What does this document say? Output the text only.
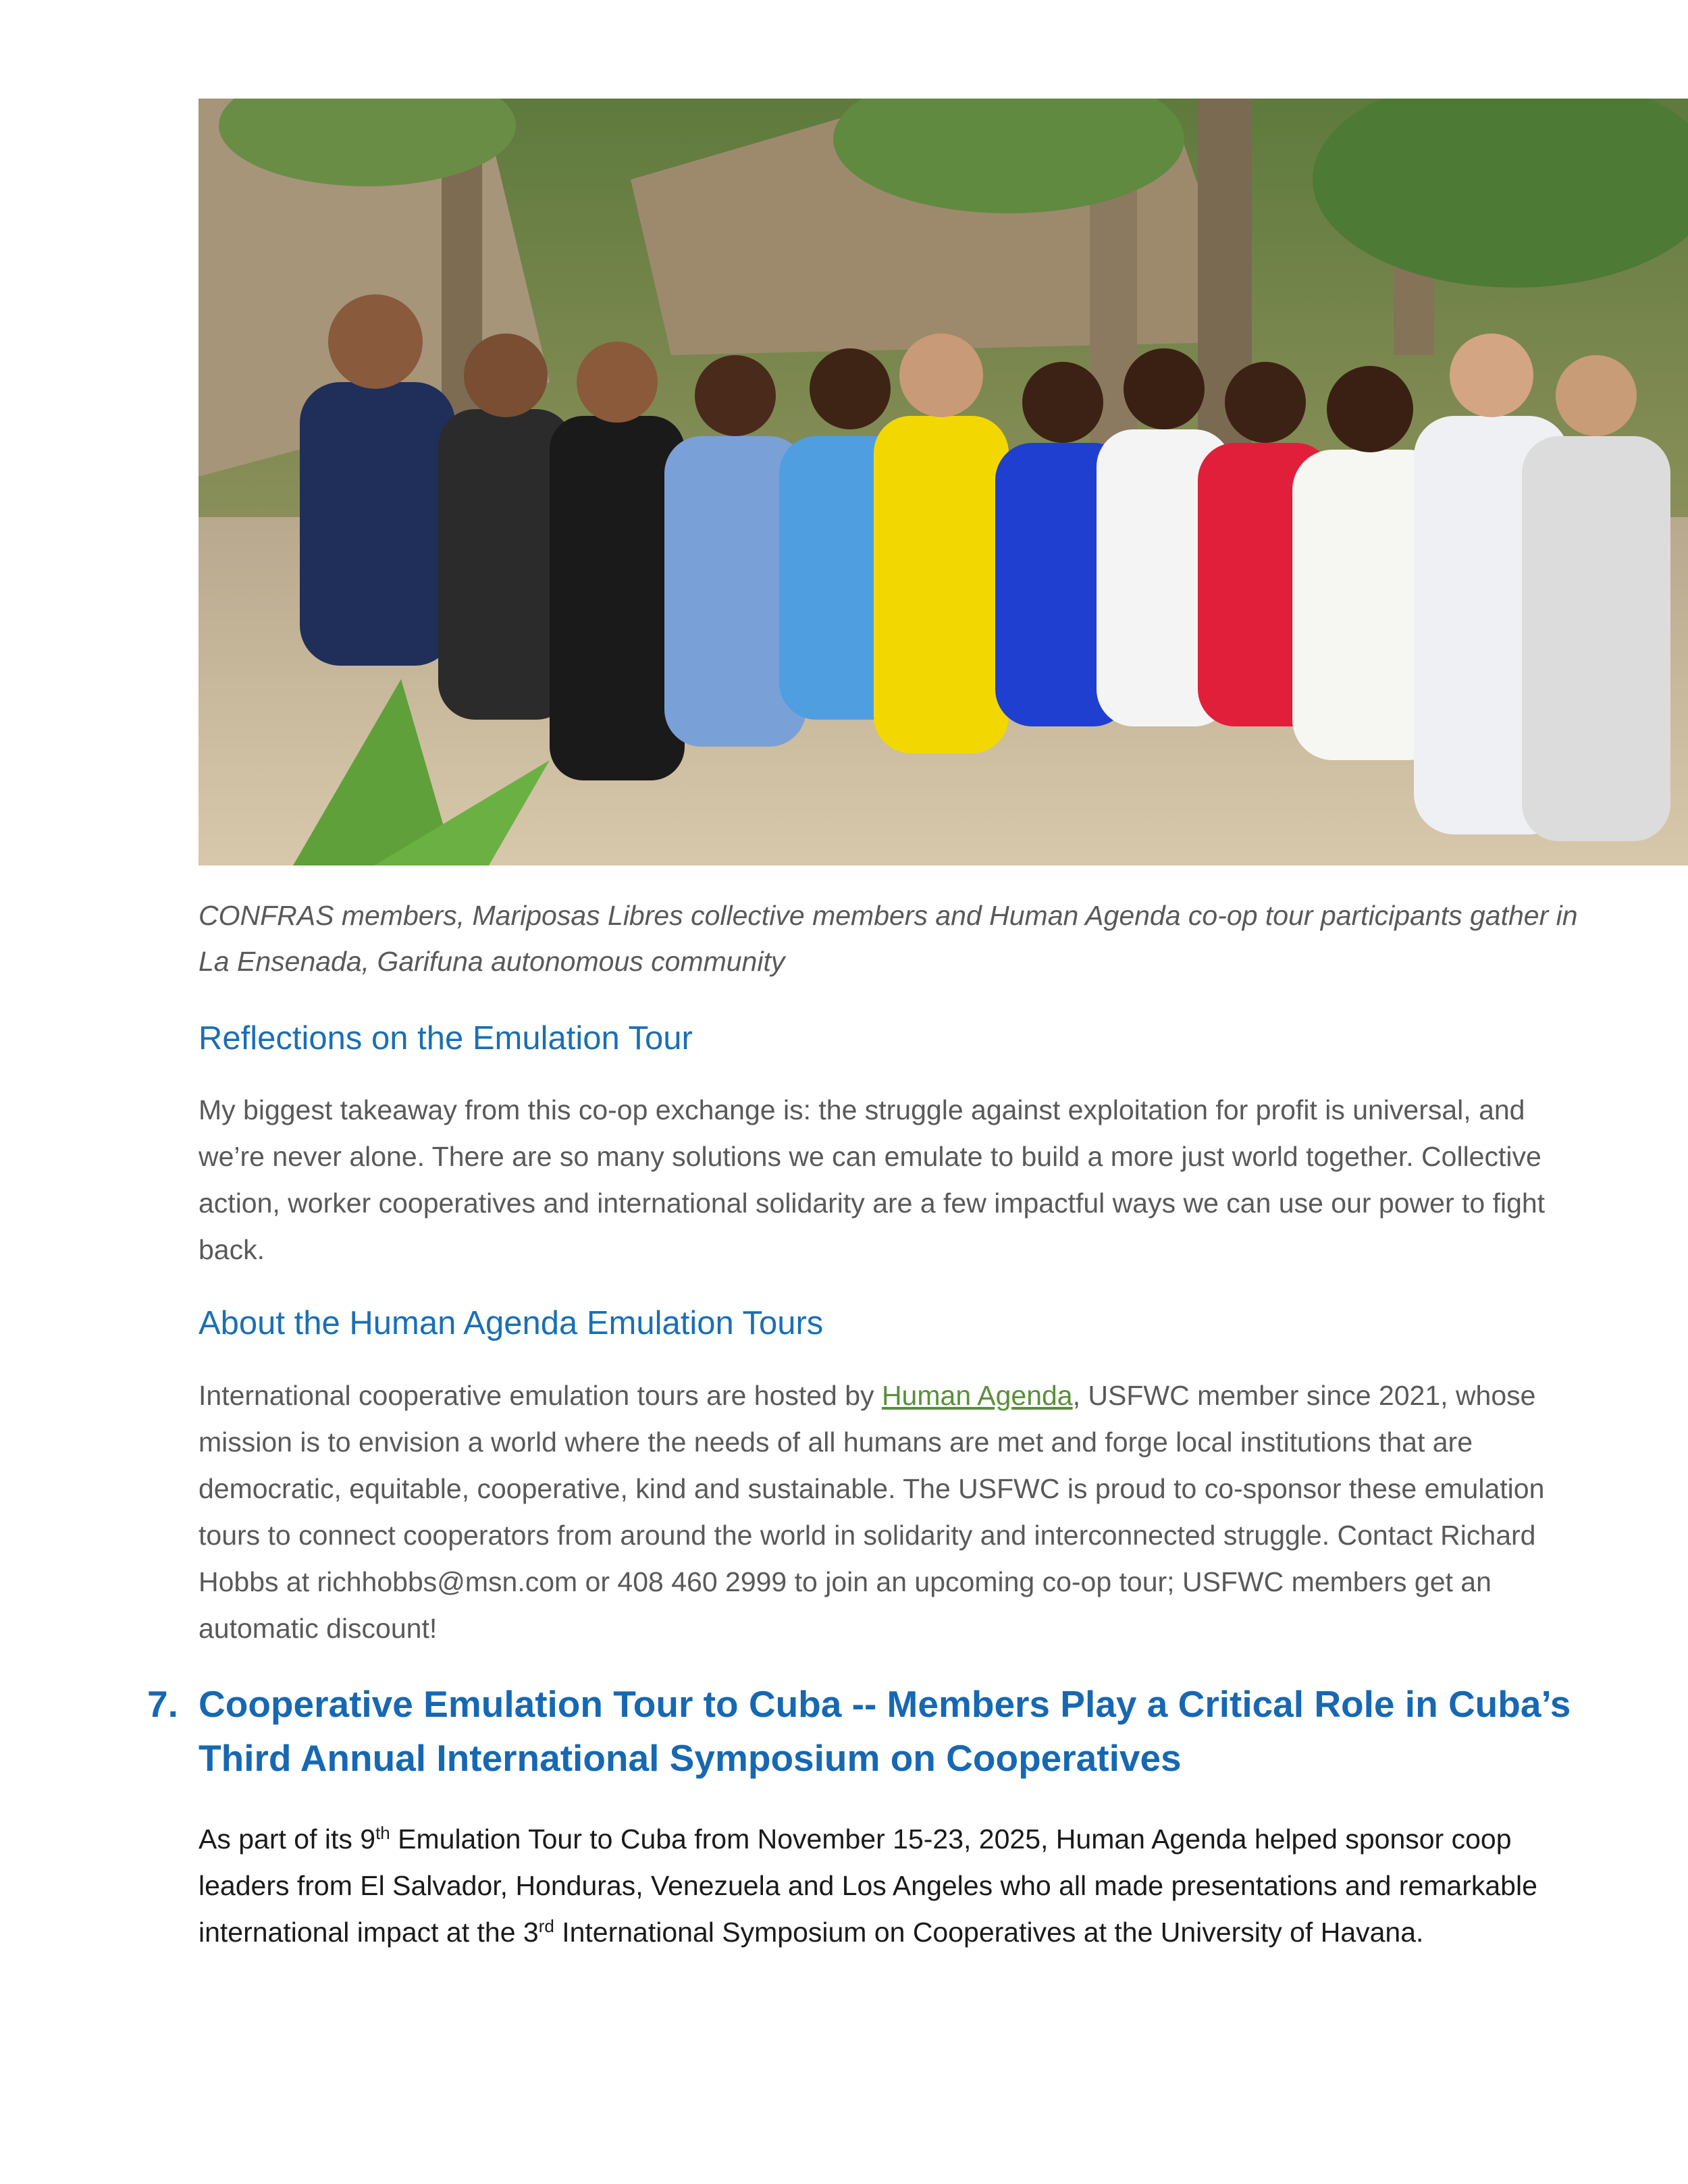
CONFRAS members, Mariposas Libres collective members and Human Agenda co-op tour participants gather in La Ensenada, Garifuna autonomous community

Reflections on the Emulation Tour

My biggest takeaway from this co-op exchange is: the struggle against exploitation for profit is universal, and we’re never alone. There are so many solutions we can emulate to build a more just world together. Collective action, worker cooperatives and international solidarity are a few impactful ways we can use our power to fight back.

About the Human Agenda Emulation Tours

International cooperative emulation tours are hosted by Human Agenda, USFWC member since 2021, whose mission is to envision a world where the needs of all humans are met and forge local institutions that are democratic, equitable, cooperative, kind and sustainable. The USFWC is proud to co-sponsor these emulation tours to connect cooperators from around the world in solidarity and interconnected struggle. Contact Richard Hobbs at richhobbs@msn.com or 408 460 2999 to join an upcoming co-op tour; USFWC members get an automatic discount!

7. Cooperative Emulation Tour to Cuba -- Members Play a Critical Role in Cuba’s Third Annual International Symposium on Cooperatives

As part of its 9th Emulation Tour to Cuba from November 15-23, 2025, Human Agenda helped sponsor coop leaders from El Salvador, Honduras, Venezuela and Los Angeles who all made presentations and remarkable international impact at the 3rd International Symposium on Cooperatives at the University of Havana.
